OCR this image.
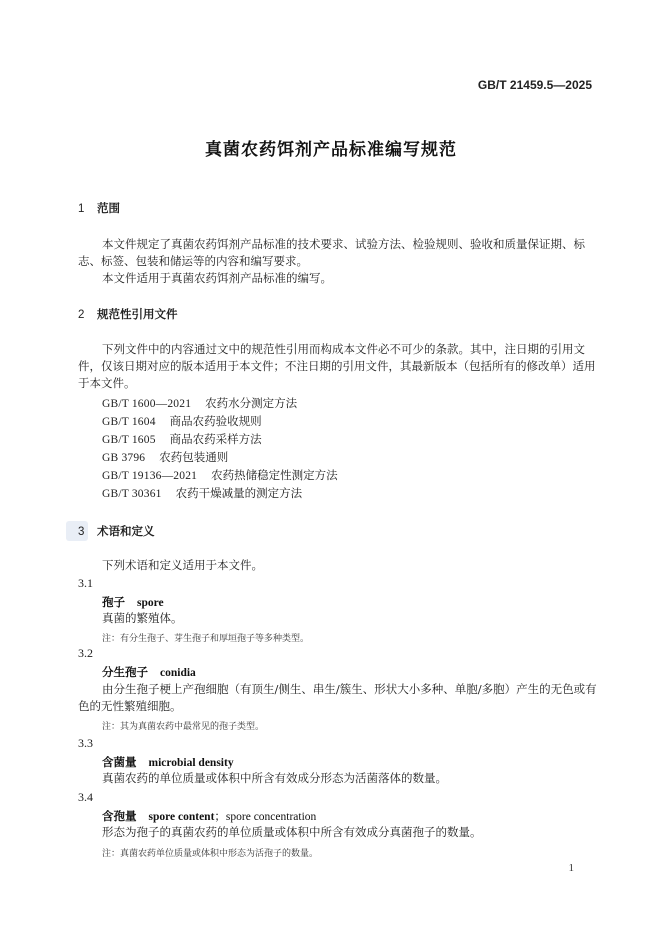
GB/T 21459.5—2025
真菌农药饵剂产品标准编写规范
1 范围
本文件规定了真菌农药饵剂产品标准的技术要求、试验方法、检验规则、验收和质量保证期、标志、标签、包装和储运等的内容和编写要求。
本文件适用于真菌农药饵剂产品标准的编写。
2 规范性引用文件
下列文件中的内容通过文中的规范性引用而构成本文件必不可少的条款。其中，注日期的引用文件，仅该日期对应的版本适用于本文件；不注日期的引用文件，其最新版本（包括所有的修改单）适用于本文件。
GB/T 1600—2021 农药水分测定方法
GB/T 1604 商品农药验收规则
GB/T 1605 商品农药采样方法
GB 3796 农药包装通则
GB/T 19136—2021 农药热储稳定性测定方法
GB/T 30361 农药干燥减量的测定方法
3 术语和定义
下列术语和定义适用于本文件。
3.1
孢子 spore
真菌的繁殖体。
注：有分生孢子、芽生孢子和厚垣孢子等多种类型。
3.2
分生孢子 conidia
由分生孢子梗上产孢细胞（有顶生/侧生、串生/簇生、形状大小多种、单胞/多胞）产生的无色或有色的无性繁殖细胞。
注：其为真菌农药中最常见的孢子类型。
3.3
含菌量 microbial density
真菌农药的单位质量或体积中所含有效成分形态为活菌落体的数量。
3.4
含孢量 spore content；spore concentration
形态为孢子的真菌农药的单位质量或体积中所含有效成分真菌孢子的数量。
注：真菌农药单位质量或体积中形态为活孢子的数量。
1
